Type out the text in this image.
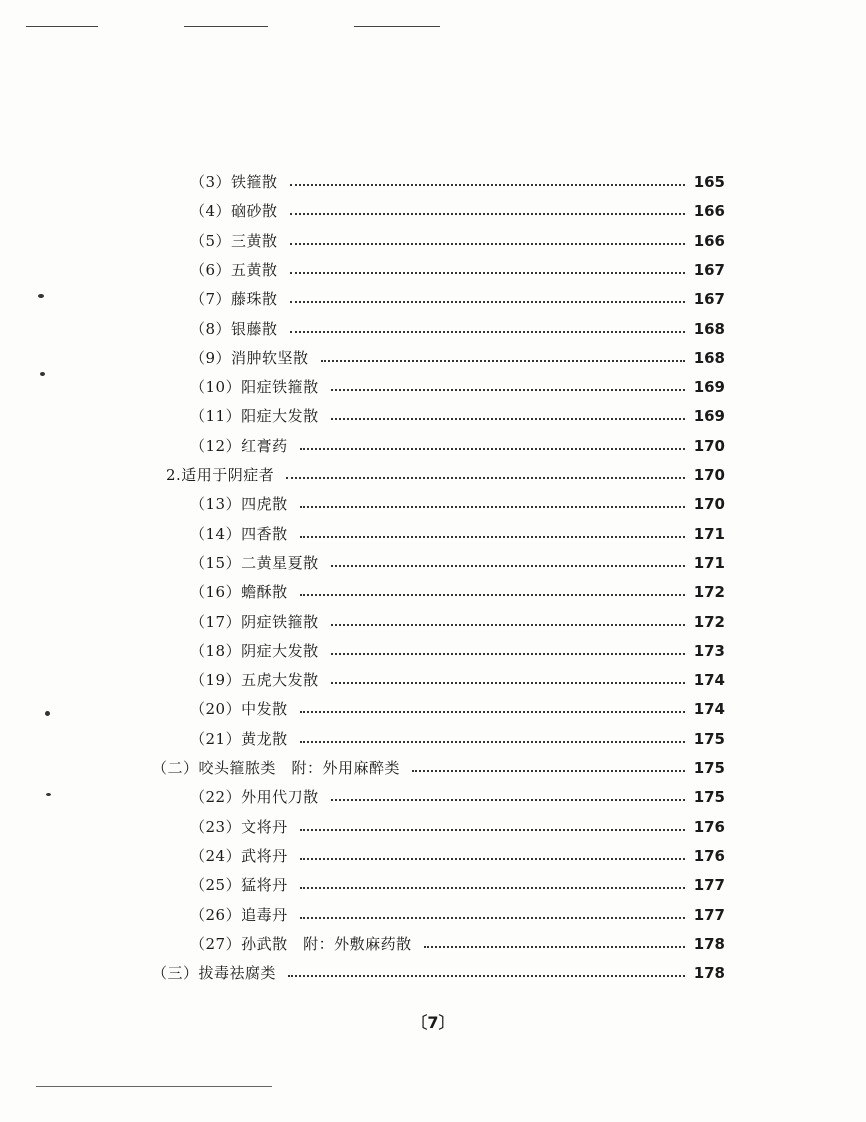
（3）铁箍散	165
（4）硇砂散	166
（5）三黄散	166
（6）五黄散	167
（7）藤珠散	167
（8）银藤散	168
（9）消肿软坚散	168
（10）阳症铁箍散	169
（11）阳症大发散	169
（12）红膏药	170
2.适用于阴症者	170
（13）四虎散	170
（14）四香散	171
（15）二黄星夏散	171
（16）蟾酥散	172
（17）阴症铁箍散	172
（18）阴症大发散	173
（19）五虎大发散	174
（20）中发散	174
（21）黄龙散	175
（二）咬头箍脓类　附：外用麻醉类	175
（22）外用代刀散	175
（23）文将丹	176
（24）武将丹	176
（25）猛将丹	177
（26）追毒丹	177
（27）孙武散　附：外敷麻药散	178
（三）拔毒祛腐类	178
〔7〕
